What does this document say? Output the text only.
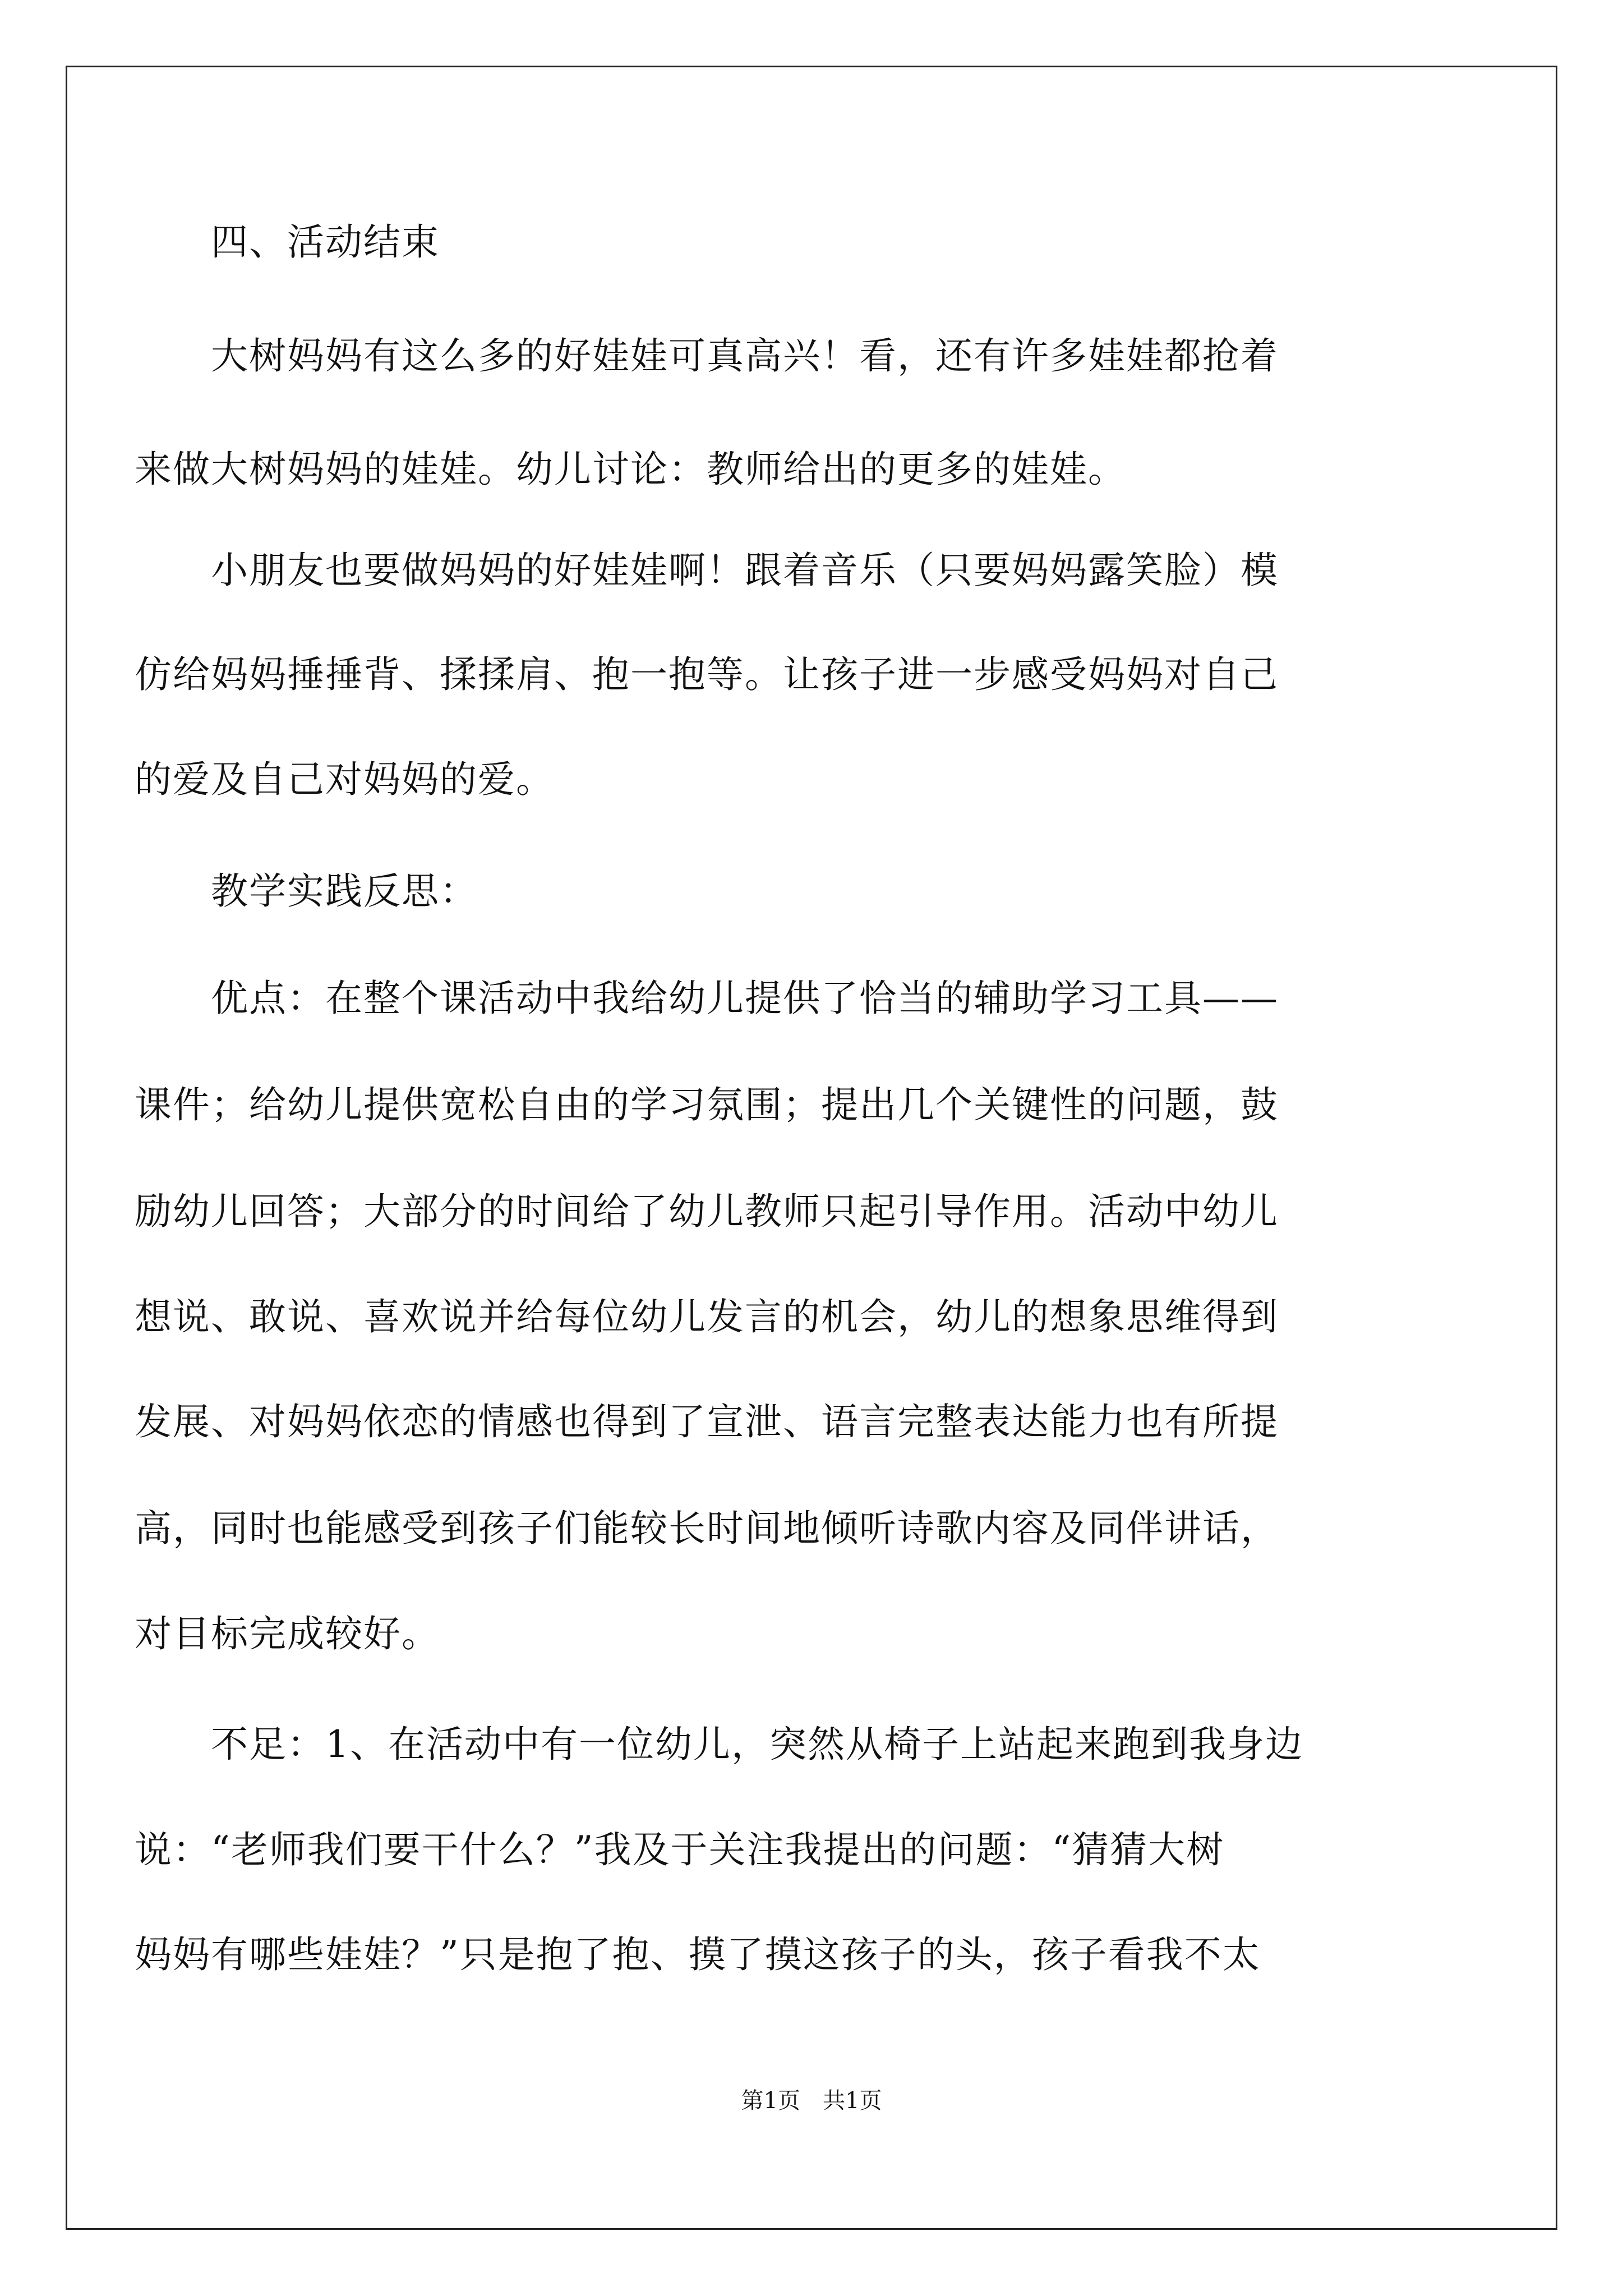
　　四、活动结束
　　大树妈妈有这么多的好娃娃可真高兴！看，还有许多娃娃都抢着
来做大树妈妈的娃娃。幼儿讨论：教师给出的更多的娃娃。
　　小朋友也要做妈妈的好娃娃啊！跟着音乐（只要妈妈露笑脸）模
仿给妈妈捶捶背、揉揉肩、抱一抱等。让孩子进一步感受妈妈对自己
的爱及自己对妈妈的爱。
　　教学实践反思：
　　优点：在整个课活动中我给幼儿提供了恰当的辅助学习工具——
课件；给幼儿提供宽松自由的学习氛围；提出几个关键性的问题，鼓
励幼儿回答；大部分的时间给了幼儿教师只起引导作用。活动中幼儿
想说、敢说、喜欢说并给每位幼儿发言的机会，幼儿的想象思维得到
发展、对妈妈依恋的情感也得到了宣泄、语言完整表达能力也有所提
高，同时也能感受到孩子们能较长时间地倾听诗歌内容及同伴讲话，
对目标完成较好。
　　不足：1、在活动中有一位幼儿，突然从椅子上站起来跑到我身边
说：“老师我们要干什么？”我及于关注我提出的问题：“猜猜大树
妈妈有哪些娃娃？”只是抱了抱、摸了摸这孩子的头，孩子看我不太
第1页　共1页
